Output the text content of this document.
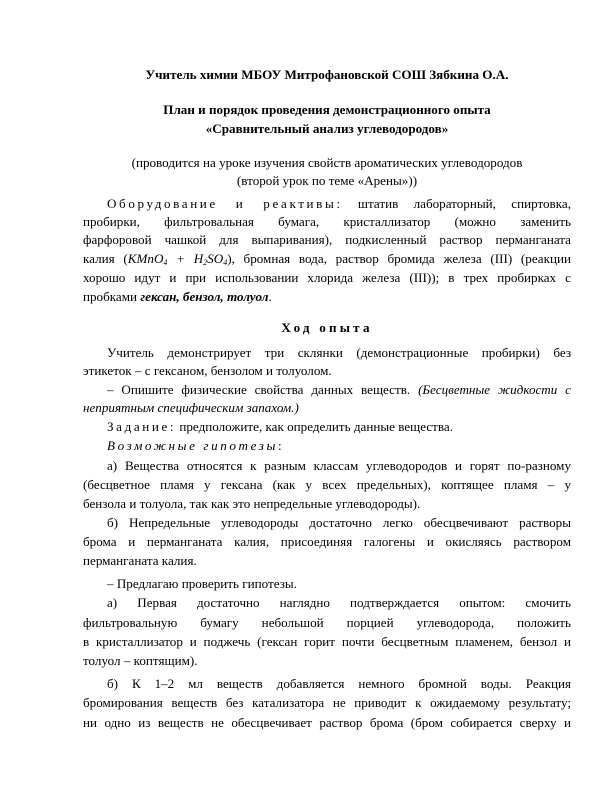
Учитель химии МБОУ Митрофановской СОШ Зябкина О.А.
План и порядок проведения демонстрационного опыта
«Сравнительный анализ углеводородов»
(проводится на уроке изучения свойств ароматических углеводородов
(второй урок по теме «Арены»))
Оборудование и реактивы: штатив лабораторный, спиртовка,
пробирки, фильтровальная бумага, кристаллизатор (можно заменить
фарфоровой чашкой для выпаривания), подкисленный раствор перманганата
калия (KMnO$_4$ + $H_2SO_4$), бромная вода, раствор бромида железа (III) (реакции
хорошо идут и при использовании хлорида железа (III)); в трех пробирках с
пробками гексан, бензол, толуол.
Ход опыта
Учитель демонстрирует три склянки (демонстрационные пробирки) без
этикеток – с гексаном, бензолом и толуолом.
– Опишите физические свойства данных веществ. (Бесцветные жидкости с
неприятным специфическим запахом.)
Задание: предположите, как определить данные вещества.
Возможные гипотезы:
а) Вещества относятся к разным классам углеводородов и горят по-разному
(бесцветное пламя у гексана (как у всех предельных), коптящее пламя – у
бензола и толуола, так как это непредельные углеводороды).
б) Непредельные углеводороды достаточно легко обесцвечивают растворы
брома и перманганата калия, присоединяя галогены и окисляясь раствором
перманганата калия.
– Предлагаю проверить гипотезы.
а) Первая достаточно наглядно подтверждается опытом: смочить
фильтровальную бумагу небольшой порцией углеводорода, положить
в кристаллизатор и поджечь (гексан горит почти бесцветным пламенем, бензол и
толуол – коптящим).
б) К 1–2 мл веществ добавляется немного бромной воды. Реакция
бромирования веществ без катализатора не приводит к ожидаемому результату;
ни одно из веществ не обесцвечивает раствор брома (бром собирается сверху и
